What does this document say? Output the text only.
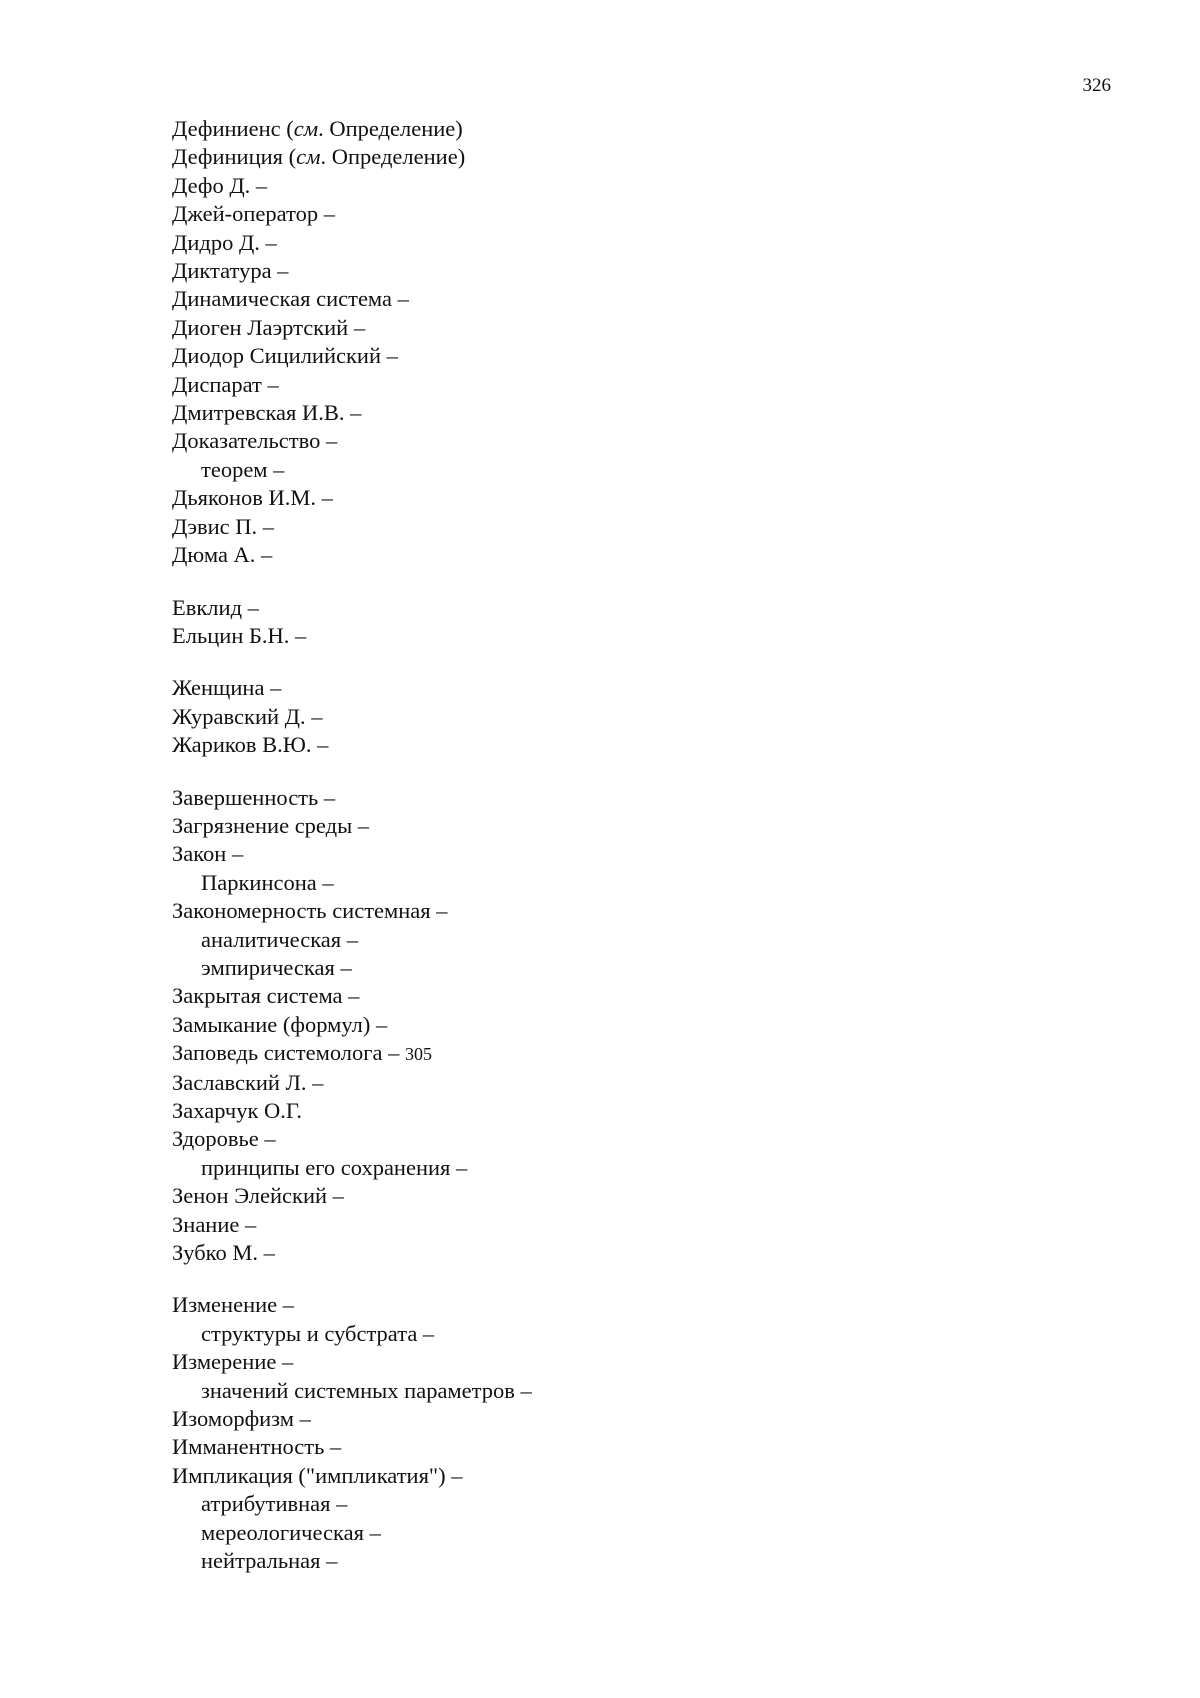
326
Дефиниенс (см. Определение)
Дефиниция (см. Определение)
Дефо Д. –
Джей-оператор –
Дидро Д. –
Диктатура –
Динамическая система –
Диоген Лаэртский –
Диодор Сицилийский –
Диспарат –
Дмитревская И.В. –
Доказательство –
теорем –
Дьяконов И.М. –
Дэвис П. –
Дюма А. –
Евклид –
Ельцин Б.Н. –
Женщина –
Журавский Д. –
Жариков В.Ю. –
Завершенность –
Загрязнение среды –
Закон –
Паркинсона –
Закономерность системная –
аналитическая –
эмпирическая –
Закрытая система –
Замыкание (формул) –
Заповедь системолога – 305
Заславский Л. –
Захарчук О.Г.
Здоровье –
принципы его сохранения –
Зенон Элейский –
Знание –
Зубко М. –
Изменение –
структуры и субстрата –
Измерение –
значений системных параметров –
Изоморфизм –
Имманентность –
Импликация ("импликатия") –
атрибутивная –
мереологическая –
нейтральная –
